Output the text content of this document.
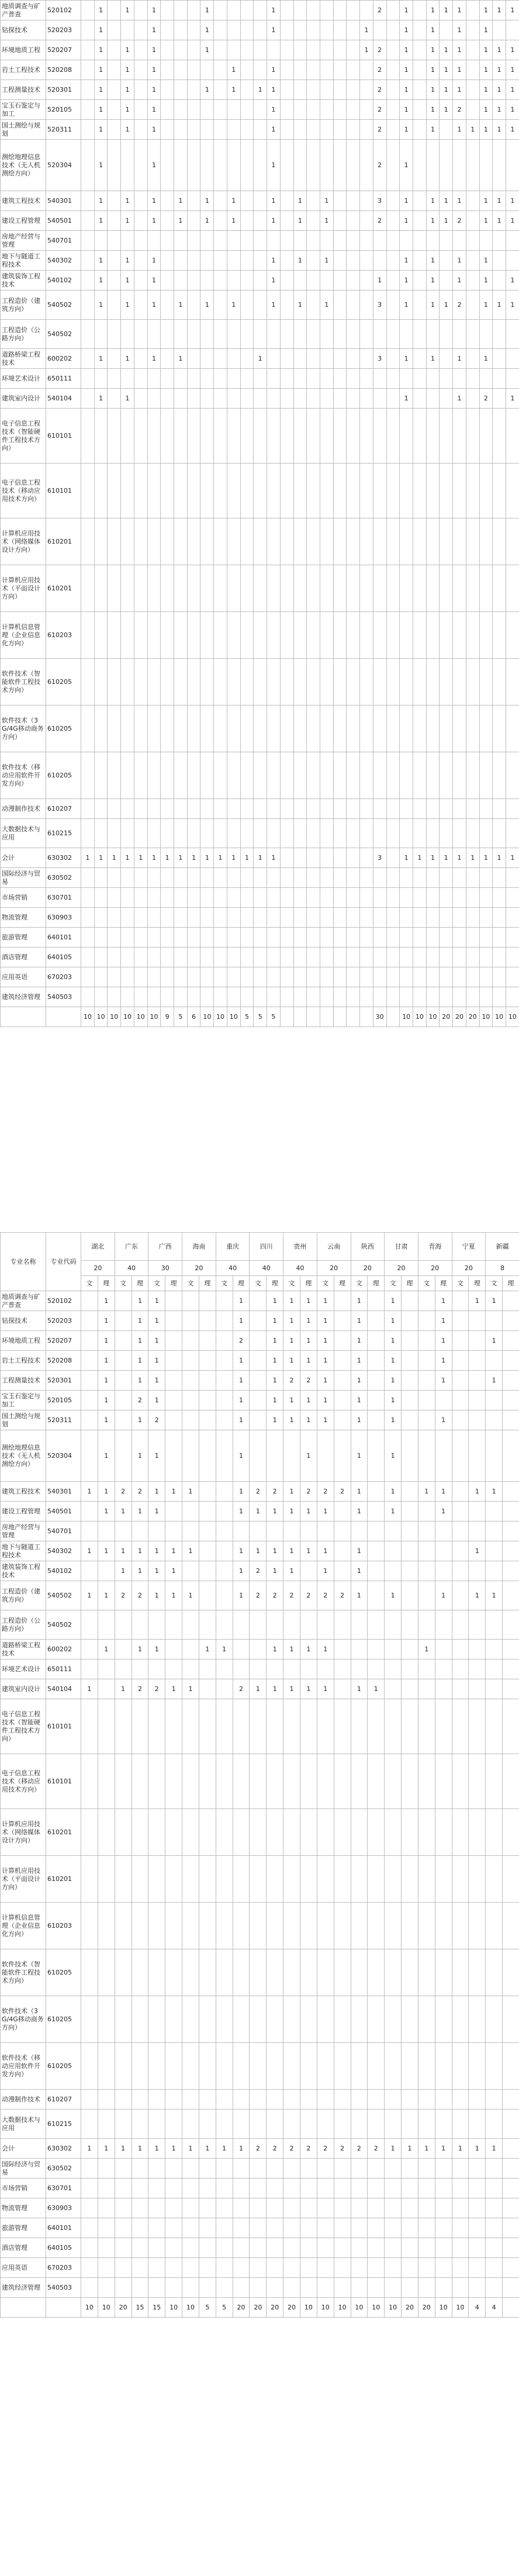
地质调查与矿产普查	520102		1		1		1				1					1								2		1		1	1	1		1	1	1
钻探技术	520203		1				1				1					1							1			1		1		1		1		
环境地质工程	520207		1		1		1				1												1	2		1		1	1	1		1	1	1
岩土工程技术	520208		1		1		1						1			1								2		1		1	1	1		1	1	1
工程测量技术	520301		1		1		1				1		1		1	1								2		1		1	1	1		1	1	1
宝玉石鉴定与加工	520105		1		1		1									1								2		1		1	1	2		1	1	1
国土测绘与规划	520311		1		1		1									1								2		1		1		1	1	1	1	1
测绘地理信息技术（无人机测绘方向）	520304		1				1									1								2		1								
建筑工程技术	540301		1		1		1		1		1		1			1		1		1				3		1		1	1	1		1	1	1
建设工程管理	540501		1		1		1		1		1		1			1		1		1				2		1		1	1	2		1	1	1
房地产经营与管理	540701																																	
地下与隧道工程技术	540302		1		1		1									1		1		1						1		1		1		1		
建筑装饰工程技术	540102		1		1		1									1								1		1		1		1		1		1
工程造价（建筑方向）	540502		1		1		1		1		1		1			1		1		1				3		1		1	1	2		1	1	1
工程造价（公路方向）	540502																																	
道路桥梁工程技术	600202		1		1		1		1						1									3		1		1		1		1		
环境艺术设计	650111																																	
建筑室内设计	540104		1		1																					1				1		2		1
电子信息工程技术（智能硬件工程技术方向）	610101																																	
电子信息工程技术（移动应用技术方向）	610101																																	
计算机应用技术（网络媒体设计方向）	610201																																	
计算机应用技术（平面设计方向）	610201																																	
计算机信息管理（企业信息化方向）	610203																																	
软件技术（智能软件工程技术方向）	610205																																	
软件技术（3G/4G移动商务方向）	610205																																	
软件技术（移动应用软件开发方向）	610205																																	
动漫制作技术	610207																																	
大数据技术与应用	610215																																	
会计	630302	1	1	1	1	1	1	1	1	1	1	1	1	1	1	1								3		1	1	1	1	1	1	1	1	1
国际经济与贸易	630502																																	
市场营销	630701																																	
物流管理	630903																																	
旅游管理	640101																																	
酒店管理	640105																																	
应用英语	670203																																	
建筑经济管理	540503																																	
		10	10	10	10	10	10	9	5	6	10	10	10	5	5	5								30		10	10	10	20	20	20	10	10	10
专业名称	专业代码	湖北		广东		广西		海南		重庆		四川		贵州		云南		陕西		甘肃		青海		宁夏		新疆		
		20		40		30		20		40		40		40		20		20		20		20		20		8		
		文	理	文	理	文	理	文	理	文	理	文	理	文	理	文	理	文	理	文	理	文	理	文	理	文	理	
地质调查与矿产普查	520102		1		1	1					1		1	1	1	1		1		1			1		1	1		
钻探技术	520203		1		1	1					1		1	1	1	1		1		1			1					
环境地质工程	520207		1		1	1					2		1	1	1	1		1		1			1			1		
岩土工程技术	520208		1		1	1					1		1	1	1	1		1		1			1					
工程测量技术	520301		1		1	1					1		1	2	2	1		1		1			1			1		
宝玉石鉴定与加工	520105		1		2	1					1		1	1	1	1		1		1								
国土测绘与规划	520311		1		1	2					1		1	1	1	1		1		1			1					
测绘地理信息技术（无人机测绘方向）	520304		1		1	1					1				1			1		1								
建筑工程技术	540301	1	1	2	2	1	1	1			1	2	2	1	2	2	2	1		1		1	1		1	1		
建设工程管理	540501		1	1	1	1					1	1	1	1	1	1		1		1			1					
房地产经营与管理	540701																											
地下与隧道工程技术	540302	1	1	1	1	1	1	1			1	1	1	1	1	1		1							1			
建筑装饰工程技术	540102			1	1	1	1				1	2	1	1		1		1										
工程造价（建筑方向）	540502	1	1	2	2	1	1	1			1	2	2	2	2	2	2	1		1			1		1	1		
工程造价（公路方向）	540502																											
道路桥梁工程技术	600202		1		1	1			1	1			1	1	1	1						1						
环境艺术设计	650111																											
建筑室内设计	540104	1		1	2	2	1	1			2	1	1	1	1	1		1	1									
电子信息工程技术（智能硬件工程技术方向）	610101																											
电子信息工程技术（移动应用技术方向）	610101																											
计算机应用技术（网络媒体设计方向）	610201																											
计算机应用技术（平面设计方向）	610201																											
计算机信息管理（企业信息化方向）	610203																											
软件技术（智能软件工程技术方向）	610205																											
软件技术（3G/4G移动商务方向）	610205																											
软件技术（移动应用软件开发方向）	610205																											
动漫制作技术	610207																											
大数据技术与应用	610215																											
会计	630302	1	1	1	1	1	1	1	1	1	1	2	2	2	2	2	2	2	2	1	1	1	1	1	1	1		
国际经济与贸易	630502																											
市场营销	630701																											
物流管理	630903																											
旅游管理	640101																											
酒店管理	640105																											
应用英语	670203																											
建筑经济管理	540503																											
		10	10	20	15	15	10	10	5	5	20	20	20	20	10	10	10	10	10	10	20	20	10	10	4	4		
